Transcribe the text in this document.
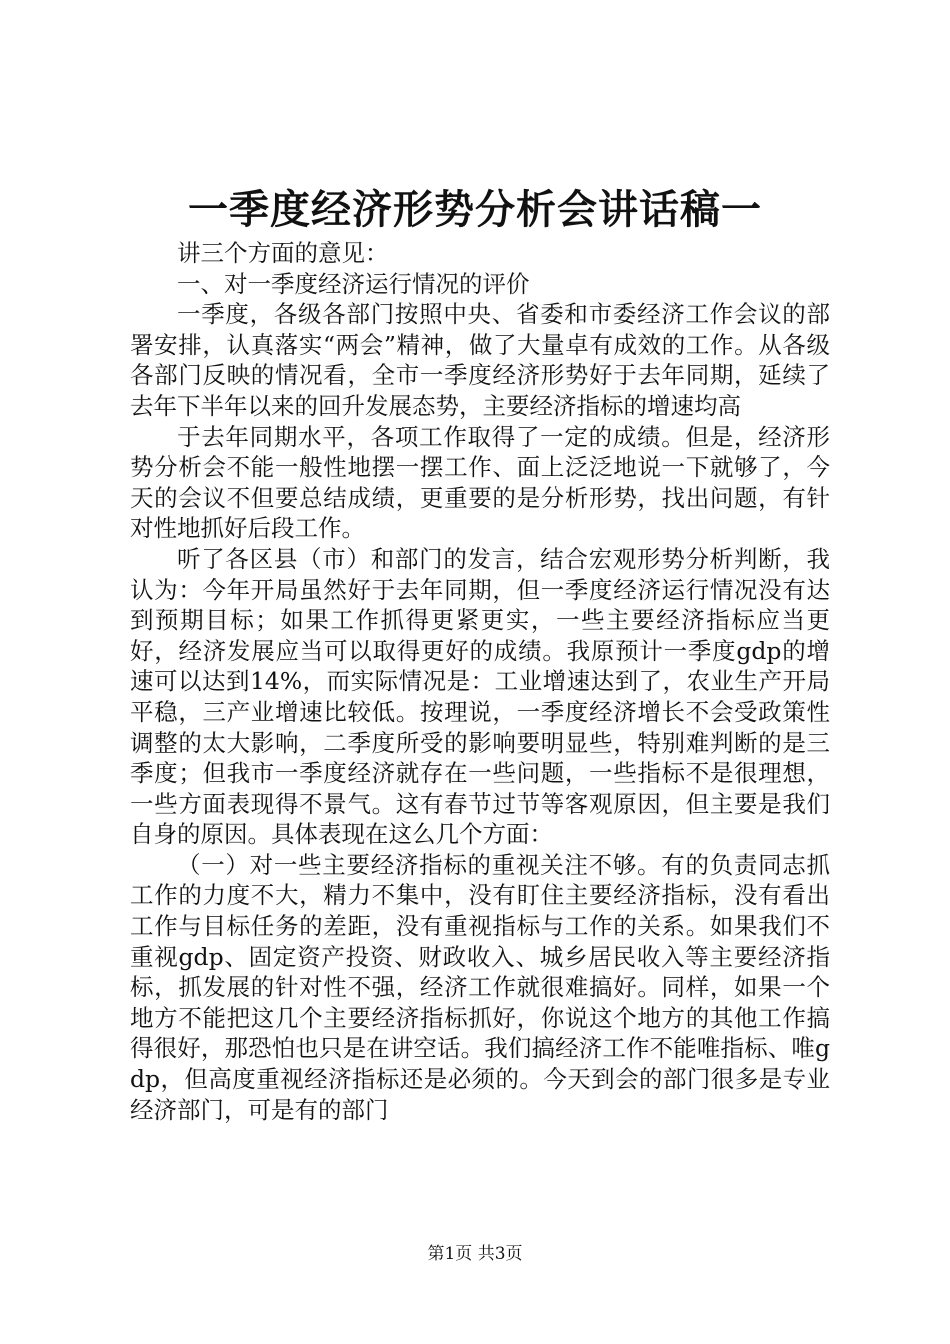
一季度经济形势分析会讲话稿一

讲三个方面的意见：

一、对一季度经济运行情况的评价

一季度，各级各部门按照中央、省委和市委经济工作会议的部署安排，认真落实“两会”精神，做了大量卓有成效的工作。从各级各部门反映的情况看，全市一季度经济形势好于去年同期，延续了去年下半年以来的回升发展态势，主要经济指标的增速均高

于去年同期水平，各项工作取得了一定的成绩。但是，经济形势分析会不能一般性地摆一摆工作、面上泛泛地说一下就够了，今天的会议不但要总结成绩，更重要的是分析形势，找出问题，有针对性地抓好后段工作。

听了各区县（市）和部门的发言，结合宏观形势分析判断，我认为：今年开局虽然好于去年同期，但一季度经济运行情况没有达到预期目标；如果工作抓得更紧更实，一些主要经济指标应当更好，经济发展应当可以取得更好的成绩。我原预计一季度gdp的增速可以达到14%，而实际情况是：工业增速达到了，农业生产开局平稳，三产业增速比较低。按理说，一季度经济增长不会受政策性调整的太大影响，二季度所受的影响要明显些，特别难判断的是三季度；但我市一季度经济就存在一些问题，一些指标不是很理想，一些方面表现得不景气。这有春节过节等客观原因，但主要是我们自身的原因。具体表现在这么几个方面：

（一）对一些主要经济指标的重视关注不够。有的负责同志抓工作的力度不大，精力不集中，没有盯住主要经济指标，没有看出工作与目标任务的差距，没有重视指标与工作的关系。如果我们不重视gdp、固定资产投资、财政收入、城乡居民收入等主要经济指标，抓发展的针对性不强，经济工作就很难搞好。同样，如果一个地方不能把这几个主要经济指标抓好，你说这个地方的其他工作搞得很好，那恐怕也只是在讲空话。我们搞经济工作不能唯指标、唯gdp，但高度重视经济指标还是必须的。今天到会的部门很多是专业经济部门，可是有的部门

第1页 共3页
